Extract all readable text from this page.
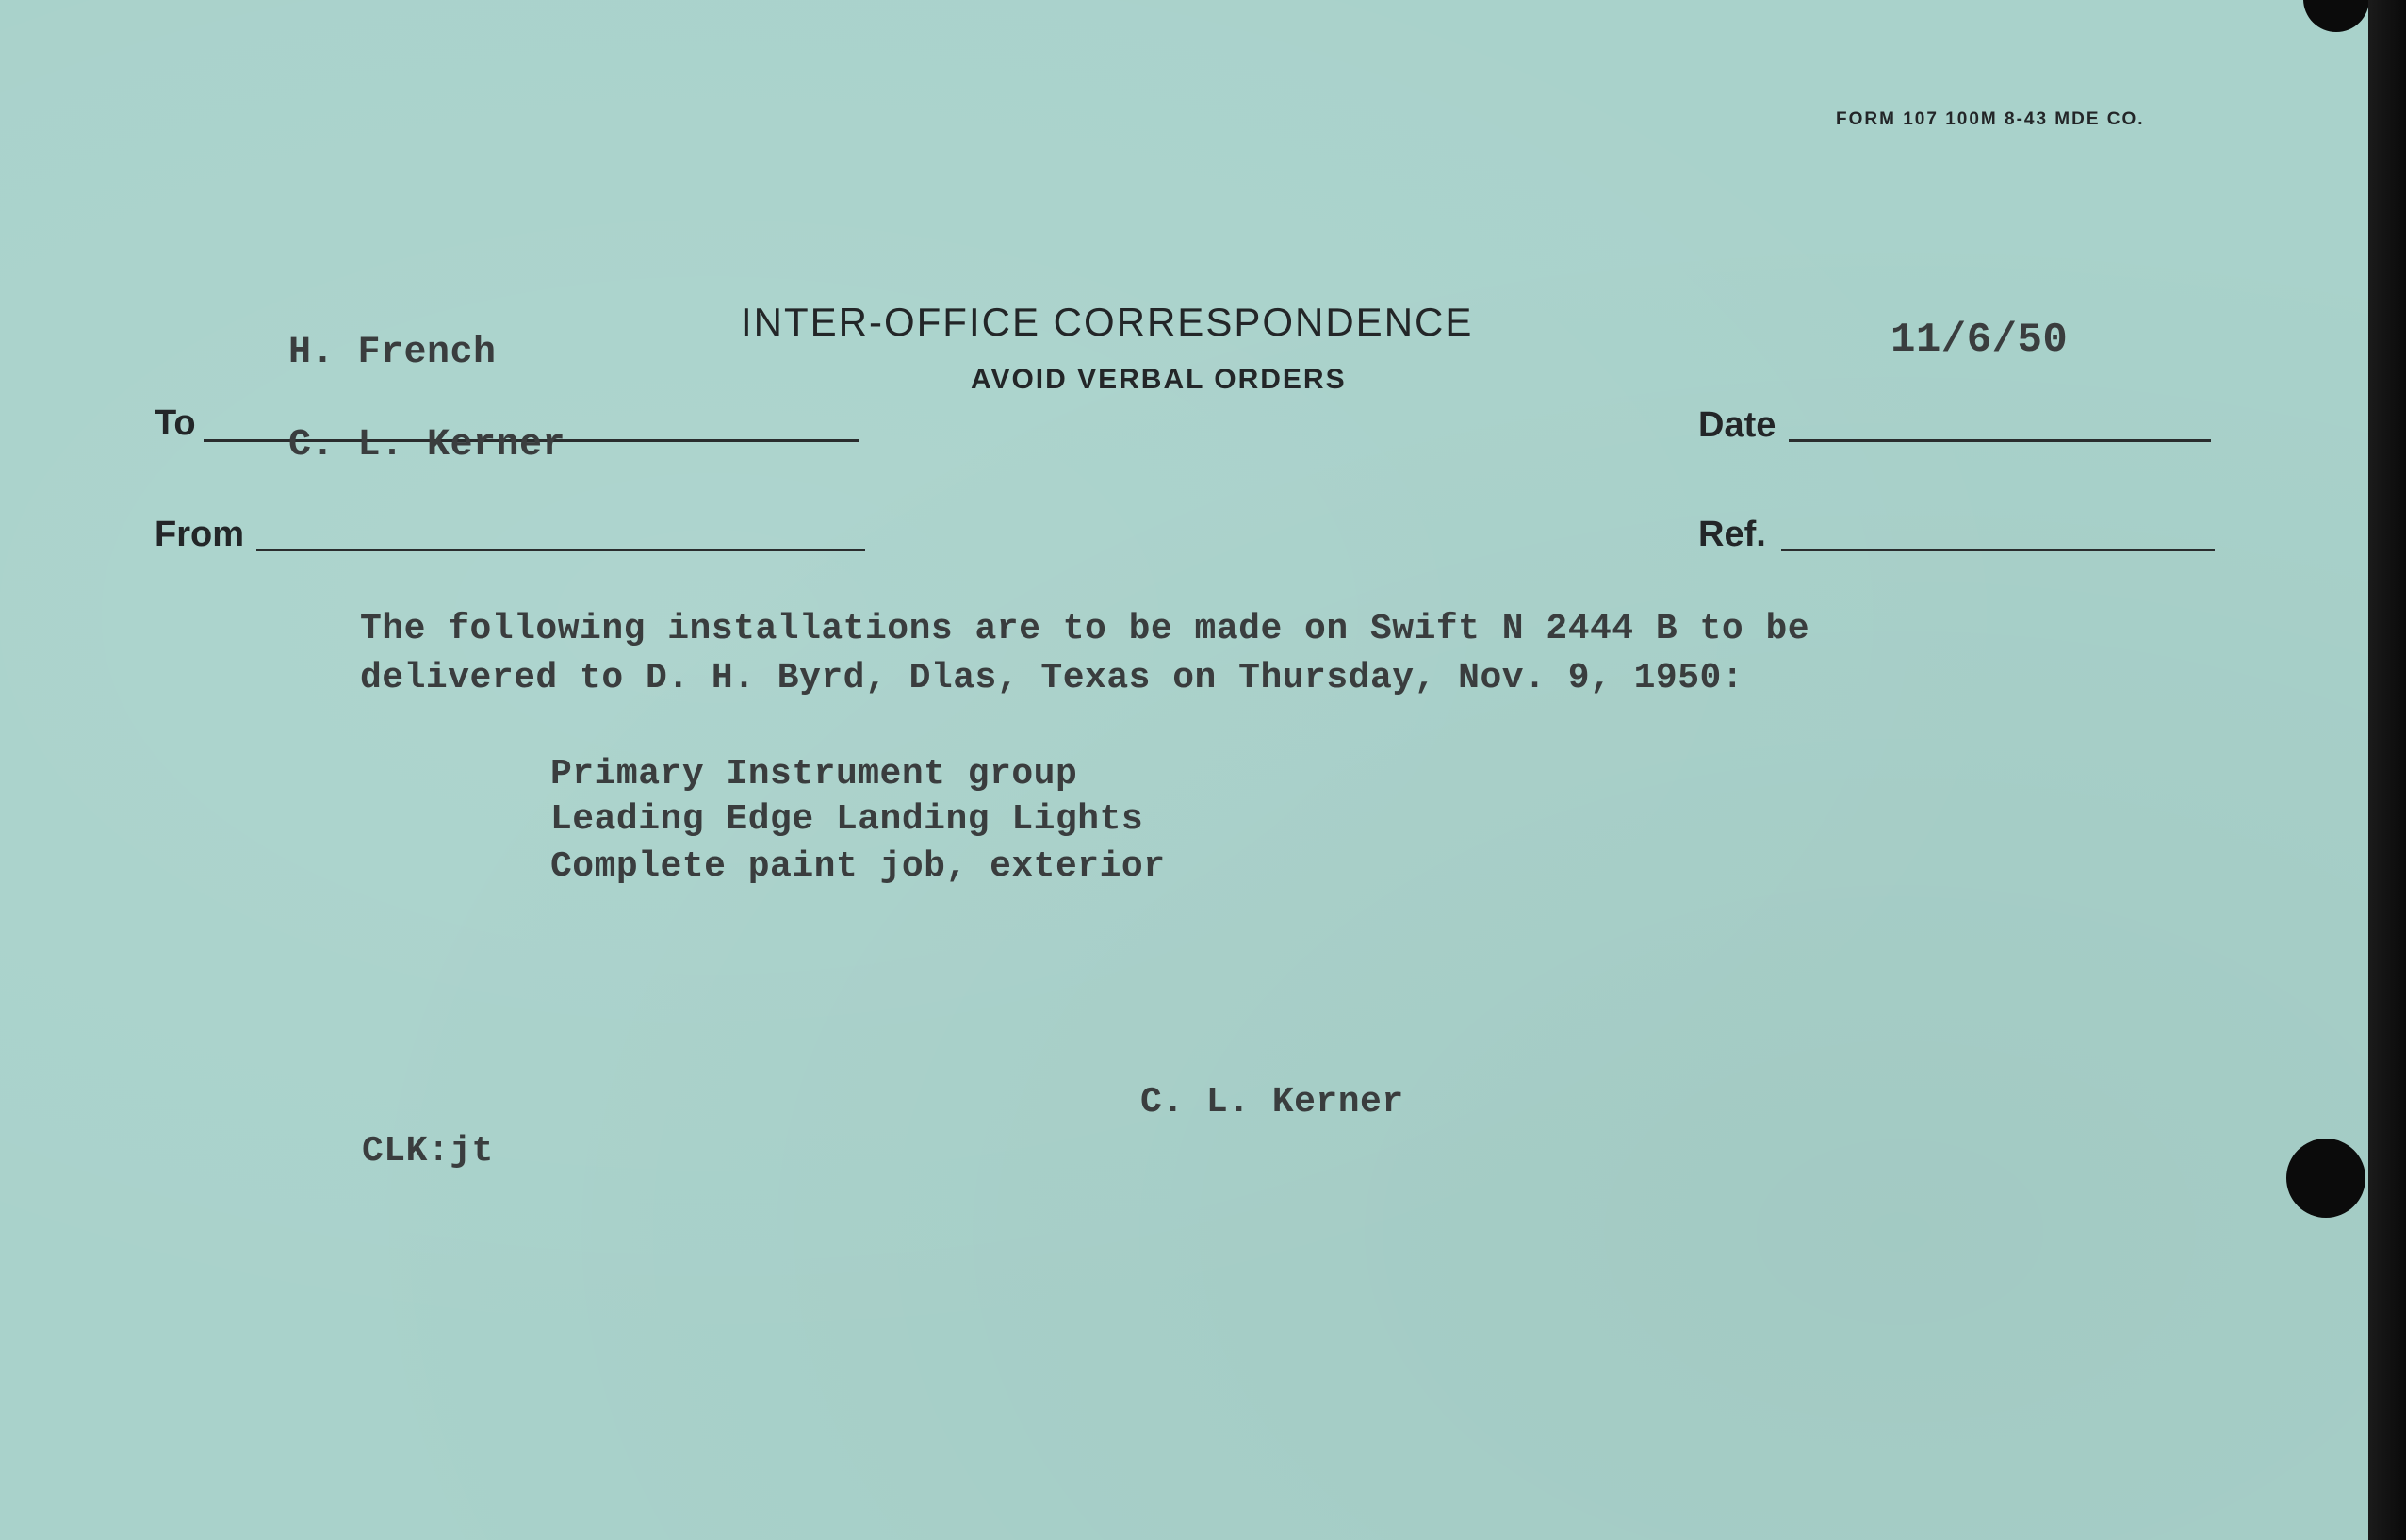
FORM 107 100M 8-43 MDE CO.
INTER-OFFICE CORRESPONDENCE
AVOID VERBAL ORDERS
To
From
Date
Ref.
H. French
C. L. Kerner
11/6/50
The following installations are to be made on Swift N 2444 B to be
delivered to D. H. Byrd, Dlas, Texas on Thursday, Nov. 9, 1950:
Primary Instrument group
Leading Edge Landing Lights
Complete paint job, exterior
C. L. Kerner
CLK:jt
